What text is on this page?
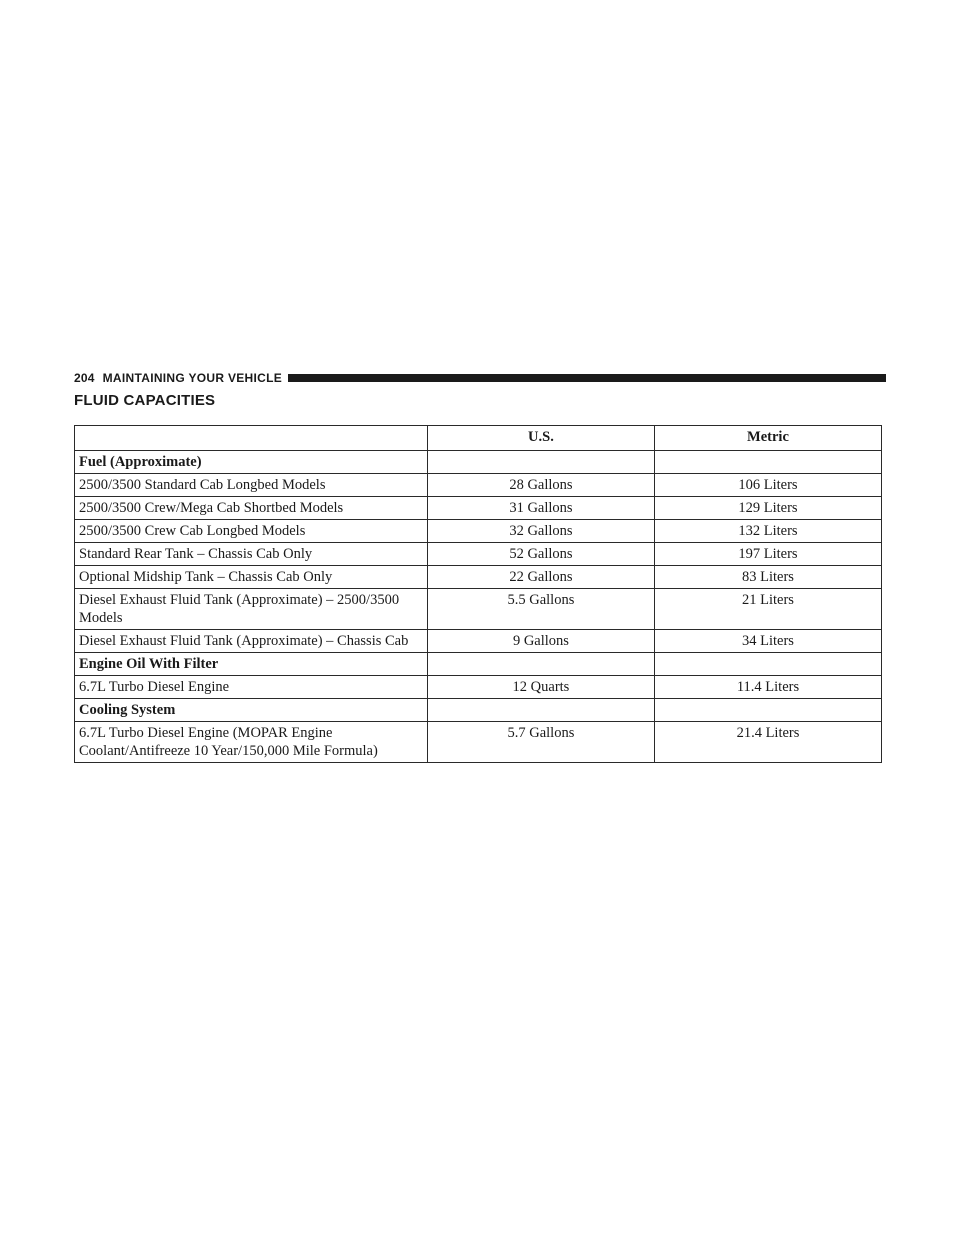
204 MAINTAINING YOUR VEHICLE
FLUID CAPACITIES
	U.S.	Metric
Fuel (Approximate)		
2500/3500 Standard Cab Longbed Models	28 Gallons	106 Liters
2500/3500 Crew/Mega Cab Shortbed Models	31 Gallons	129 Liters
2500/3500 Crew Cab Longbed Models	32 Gallons	132 Liters
Standard Rear Tank – Chassis Cab Only	52 Gallons	197 Liters
Optional Midship Tank – Chassis Cab Only	22 Gallons	83 Liters
Diesel Exhaust Fluid Tank (Approximate) – 2500/3500 Models	5.5 Gallons	21 Liters
Diesel Exhaust Fluid Tank (Approximate) – Chassis Cab	9 Gallons	34 Liters
Engine Oil With Filter		
6.7L Turbo Diesel Engine	12 Quarts	11.4 Liters
Cooling System		
6.7L Turbo Diesel Engine (MOPAR Engine Coolant/Antifreeze 10 Year/150,000 Mile Formula)	5.7 Gallons	21.4 Liters
